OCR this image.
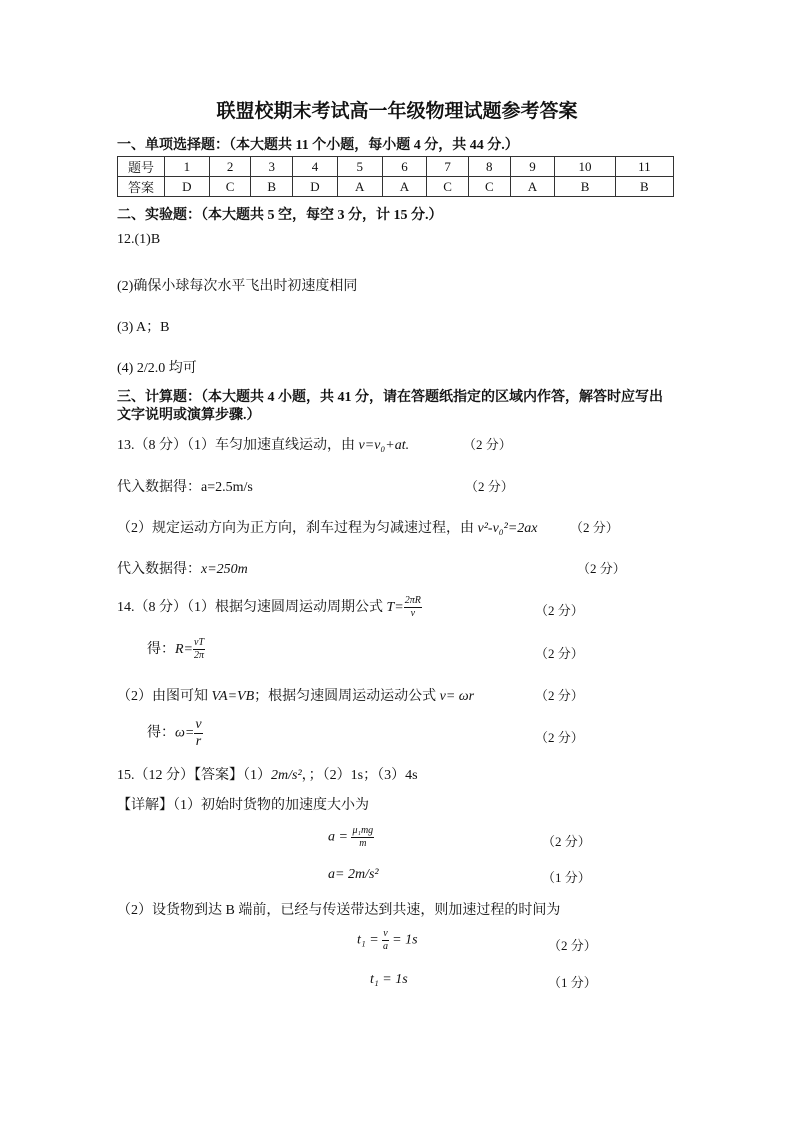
联盟校期末考试高一年级物理试题参考答案
一、单项选择题：（本大题共 11 个小题，每小题 4 分，共 44 分.）
题号	1	2	3	4	5	6	7	8	9	10	11
答案	D	C	B	D	A	A	C	C	A	B	B
二、实验题：（本大题共 5 空，每空 3 分，计 15 分.）
12.(1)B
(2)确保小球每次水平飞出时初速度相同
(3) A；B
(4) 2/2.0 均可
三、计算题：（本大题共 4 小题，共 41 分，请在答题纸指定的区域内作答，解答时应写出
文字说明或演算步骤.）
13.（8 分）（1）车匀加速直线运动，由 v=v₀+at.	（2 分）
代入数据得：a=2.5m/s	（2 分）
（2）规定运动方向为正方向，刹车过程为匀减速过程，由 v²-v₀²=2ax （2 分）
代入数据得：x=250m	（2 分）
14.（8 分）（1）根据匀速圆周运动周期公式 $T= \frac{2\pi R}{v}$	（2 分）
得：$R= \frac{vT}{2\pi}$	（2 分）
（2）由图可知 VA=VB；根据匀速圆周运动运动公式 v= ωr	（2 分）
得：$\omega= \frac{v}{r}$	（2 分）
15.（12 分）【答案】（1）2m/s²，；（2）1s；（3）4s
【详解】（1）初始时货物的加速度大小为
$a = \frac{\text{μ₁mg}}{m}$	（2 分）
a= 2m/s²	（1 分）
（2）设货物到达 B 端前，已经与传送带达到共速，则加速过程的时间为
$t_1 = \frac{v}{a} = 1s$	（2 分）
t₁ = 1s	（1 分）
